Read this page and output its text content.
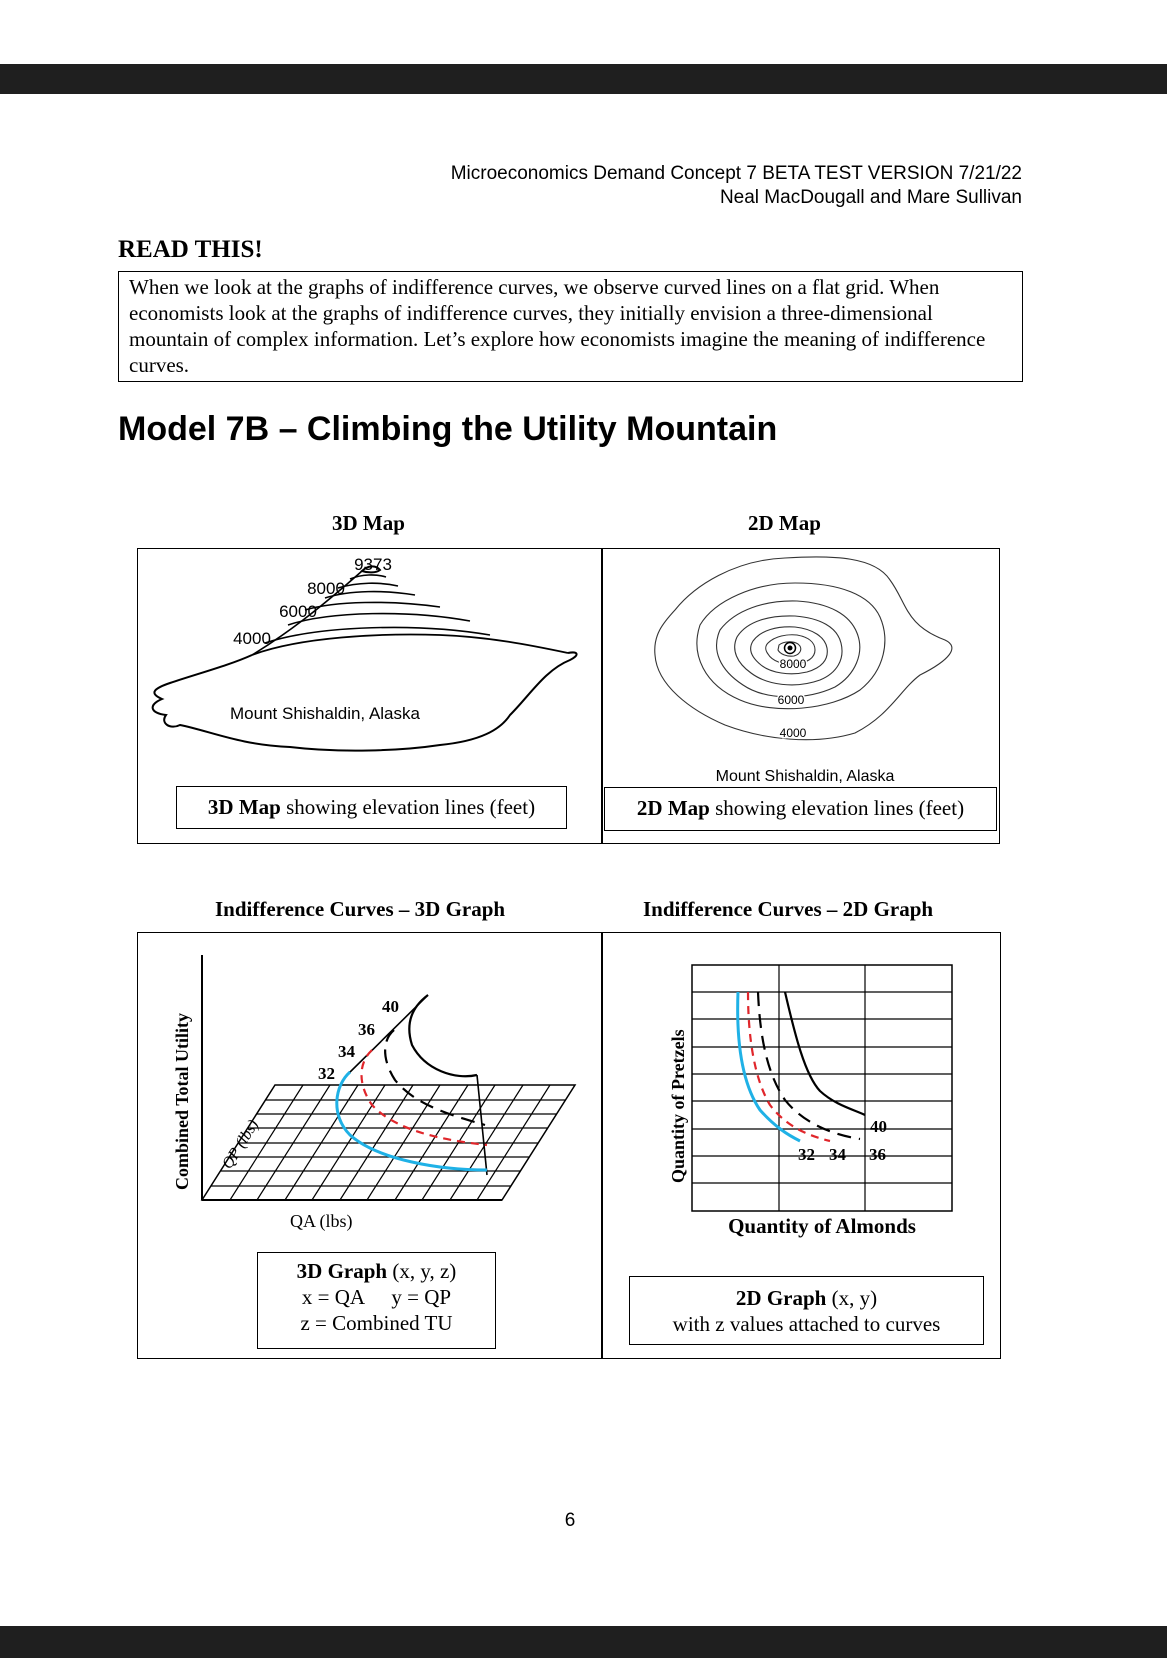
Microeconomics Demand Concept 7 BETA TEST VERSION 7/21/22
Neal MacDougall and Mare Sullivan
READ THIS!
When we look at the graphs of indifference curves, we observe curved lines on a flat grid. When economists look at the graphs of indifference curves, they initially envision a three-dimensional mountain of complex information. Let’s explore how economists imagine the meaning of indifference curves.
Model 7B – Climbing the Utility Mountain
3D Map	2D Map
9373
8000
6000
4000
Mount Shishaldin, Alaska
8000
6000
4000
Mount Shishaldin, Alaska
3D Map showing elevation lines (feet)	2D Map showing elevation lines (feet)
Indifference Curves – 3D Graph	Indifference Curves – 2D Graph
40
36
34
32
Combined Total Utility QP (lbs)
QA (lbs)
3D Graph (x, y, z)
x = QA y = QP
z = Combined TU
32 34 36
40
Quantity of Pretzels
Quantity of Almonds
2D Graph (x, y)
with z values attached to curves
6
